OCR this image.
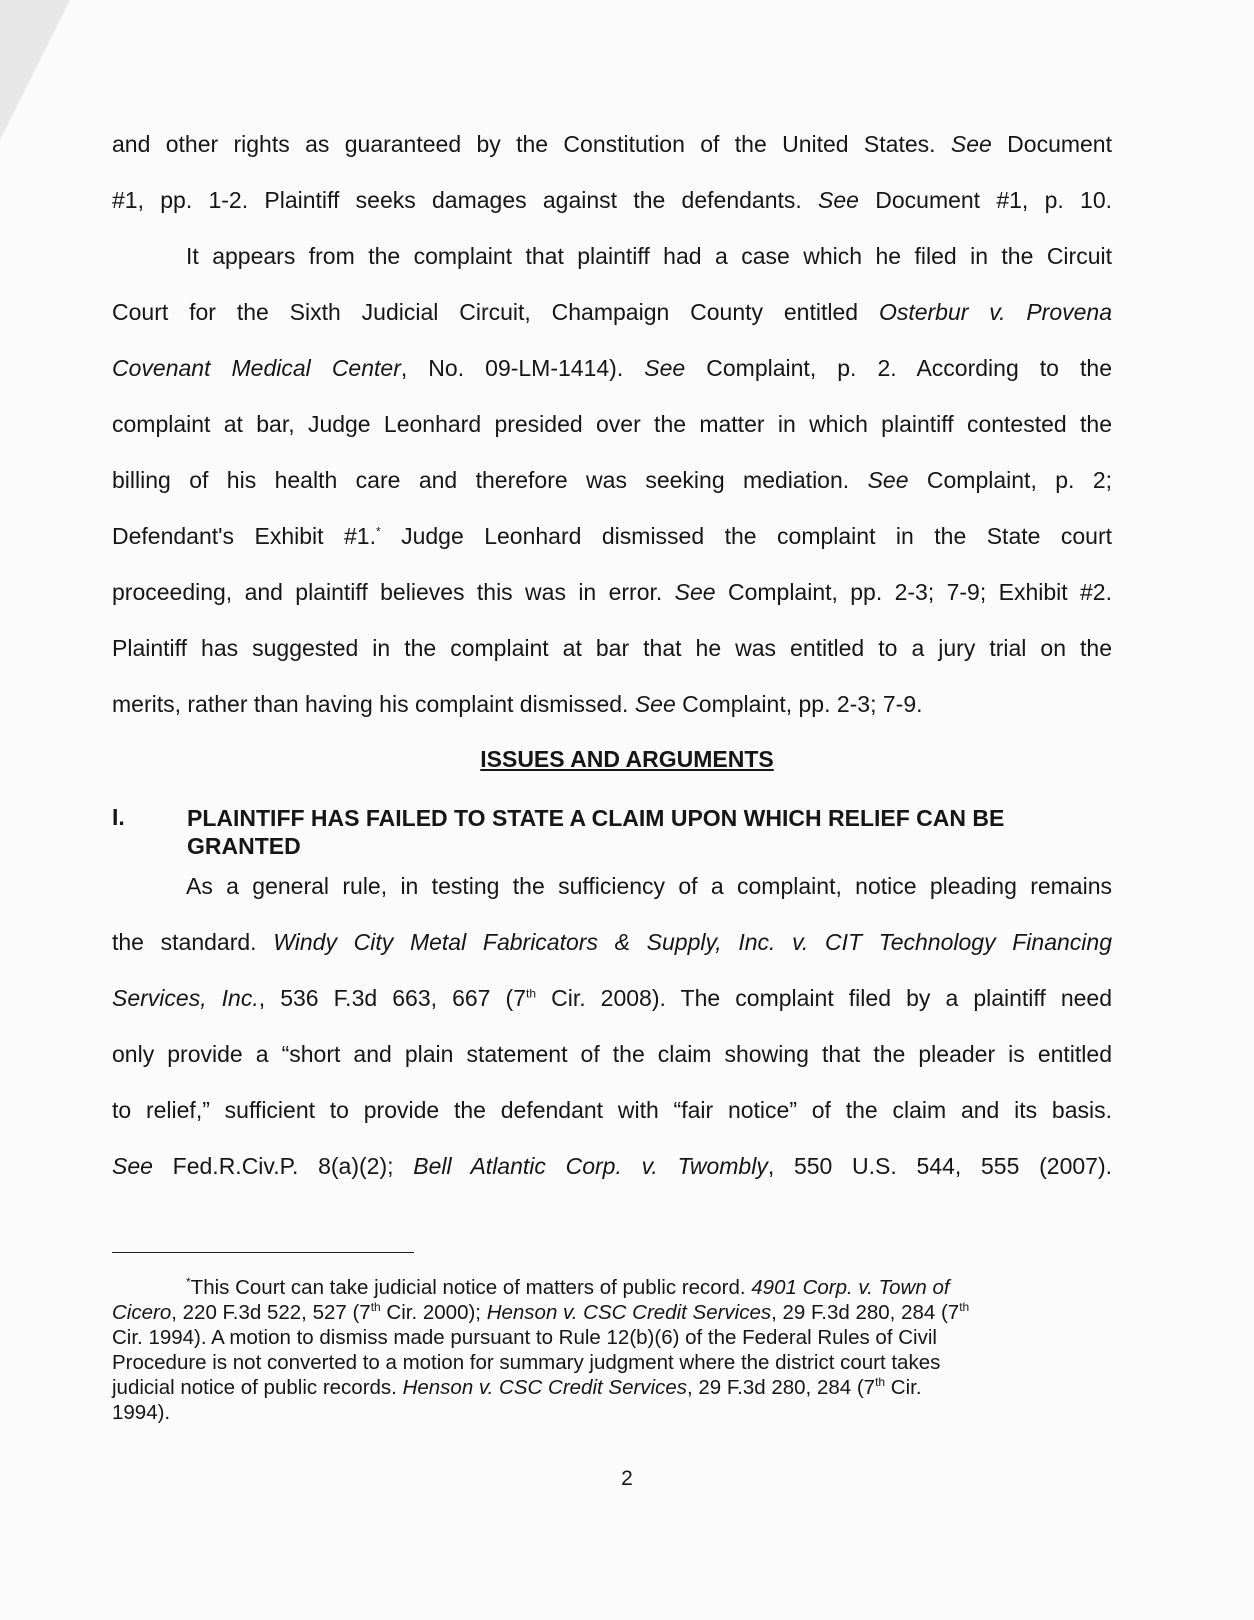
and other rights as guaranteed by the Constitution of the United States. See Document
#1, pp. 1-2. Plaintiff seeks damages against the defendants. See Document #1, p. 10.
It appears from the complaint that plaintiff had a case which he filed in the Circuit
Court for the Sixth Judicial Circuit, Champaign County entitled Osterbur v. Provena
Covenant Medical Center, No. 09-LM-1414). See Complaint, p. 2. According to the
complaint at bar, Judge Leonhard presided over the matter in which plaintiff contested the
billing of his health care and therefore was seeking mediation. See Complaint, p. 2;
Defendant's Exhibit #1.* Judge Leonhard dismissed the complaint in the State court
proceeding, and plaintiff believes this was in error. See Complaint, pp. 2-3; 7-9; Exhibit #2.
Plaintiff has suggested in the complaint at bar that he was entitled to a jury trial on the
merits, rather than having his complaint dismissed. See Complaint, pp. 2-3; 7-9.
ISSUES AND ARGUMENTS
I.	PLAINTIFF HAS FAILED TO STATE A CLAIM UPON WHICH RELIEF CAN BE GRANTED
As a general rule, in testing the sufficiency of a complaint, notice pleading remains
the standard. Windy City Metal Fabricators & Supply, Inc. v. CIT Technology Financing
Services, Inc., 536 F.3d 663, 667 (7th Cir. 2008). The complaint filed by a plaintiff need
only provide a “short and plain statement of the claim showing that the pleader is entitled
to relief,” sufficient to provide the defendant with “fair notice” of the claim and its basis.
See Fed.R.Civ.P. 8(a)(2); Bell Atlantic Corp. v. Twombly, 550 U.S. 544, 555 (2007).
*This Court can take judicial notice of matters of public record. 4901 Corp. v. Town of
Cicero, 220 F.3d 522, 527 (7th Cir. 2000); Henson v. CSC Credit Services, 29 F.3d 280, 284 (7th
Cir. 1994). A motion to dismiss made pursuant to Rule 12(b)(6) of the Federal Rules of Civil
Procedure is not converted to a motion for summary judgment where the district court takes
judicial notice of public records. Henson v. CSC Credit Services, 29 F.3d 280, 284 (7th Cir.
1994).
2
